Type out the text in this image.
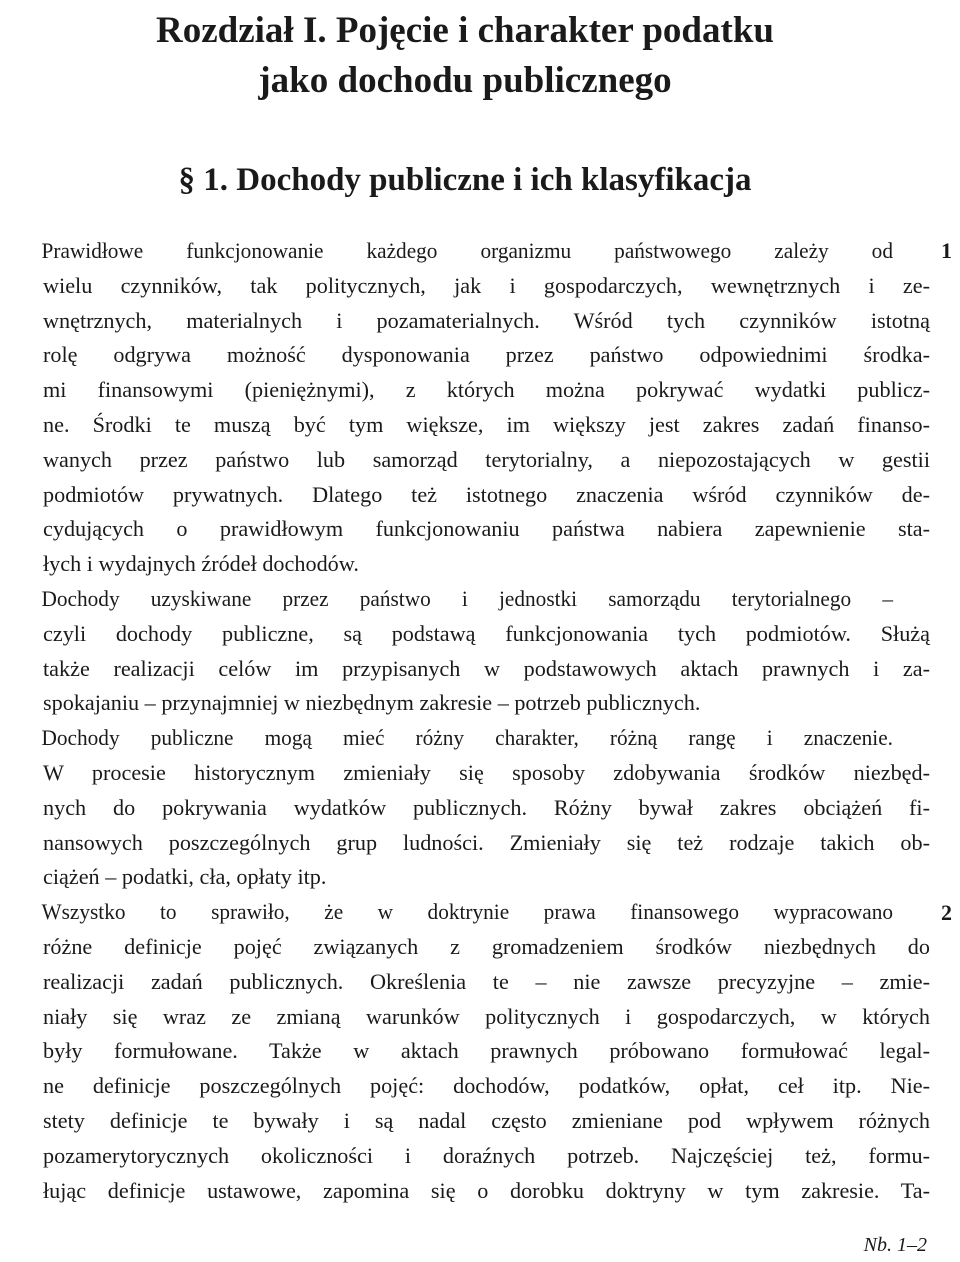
Rozdział I. Pojęcie i charakter podatku
jako dochodu publicznego
§ 1. Dochody publiczne i ich klasyfikacja

Prawidłowe funkcjonowanie każdego organizmu państwowego zależy od
wielu czynników, tak politycznych, jak i gospodarczych, wewnętrznych i ze-
wnętrznych, materialnych i pozamaterialnych. Wśród tych czynników istotną
rolę odgrywa możność dysponowania przez państwo odpowiednimi środka-
mi finansowymi (pieniężnymi), z których można pokrywać wydatki publicz-
ne. Środki te muszą być tym większe, im większy jest zakres zadań finanso-
wanych przez państwo lub samorząd terytorialny, a niepozostających w gestii
podmiotów prywatnych. Dlatego też istotnego znaczenia wśród czynników de-
cydujących o prawidłowym funkcjonowaniu państwa nabiera zapewnienie sta-
łych i wydajnych źródeł dochodów.

Dochody uzyskiwane przez państwo i jednostki samorządu terytorialnego –
czyli dochody publiczne, są podstawą funkcjonowania tych podmiotów. Służą
także realizacji celów im przypisanych w podstawowych aktach prawnych i za-
spokajaniu – przynajmniej w niezbędnym zakresie – potrzeb publicznych.

Dochody publiczne mogą mieć różny charakter, różną rangę i znaczenie.
W procesie historycznym zmieniały się sposoby zdobywania środków niezbęd-
nych do pokrywania wydatków publicznych. Różny bywał zakres obciążeń fi-
nansowych poszczególnych grup ludności. Zmieniały się też rodzaje takich ob-
ciążeń – podatki, cła, opłaty itp.

Wszystko to sprawiło, że w doktrynie prawa finansowego wypracowano
różne definicje pojęć związanych z gromadzeniem środków niezbędnych do
realizacji zadań publicznych. Określenia te – nie zawsze precyzyjne – zmie-
niały się wraz ze zmianą warunków politycznych i gospodarczych, w których
były formułowane. Także w aktach prawnych próbowano formułować legal-
ne definicje poszczególnych pojęć: dochodów, podatków, opłat, ceł itp. Nie-
stety definicje te bywały i są nadal często zmieniane pod wpływem różnych
pozamerytorycznych okoliczności i doraźnych potrzeb. Najczęściej też, formu-
łując definicje ustawowe, zapomina się o dorobku doktryny w tym zakresie. Ta-

1
2
Nb. 1–2
